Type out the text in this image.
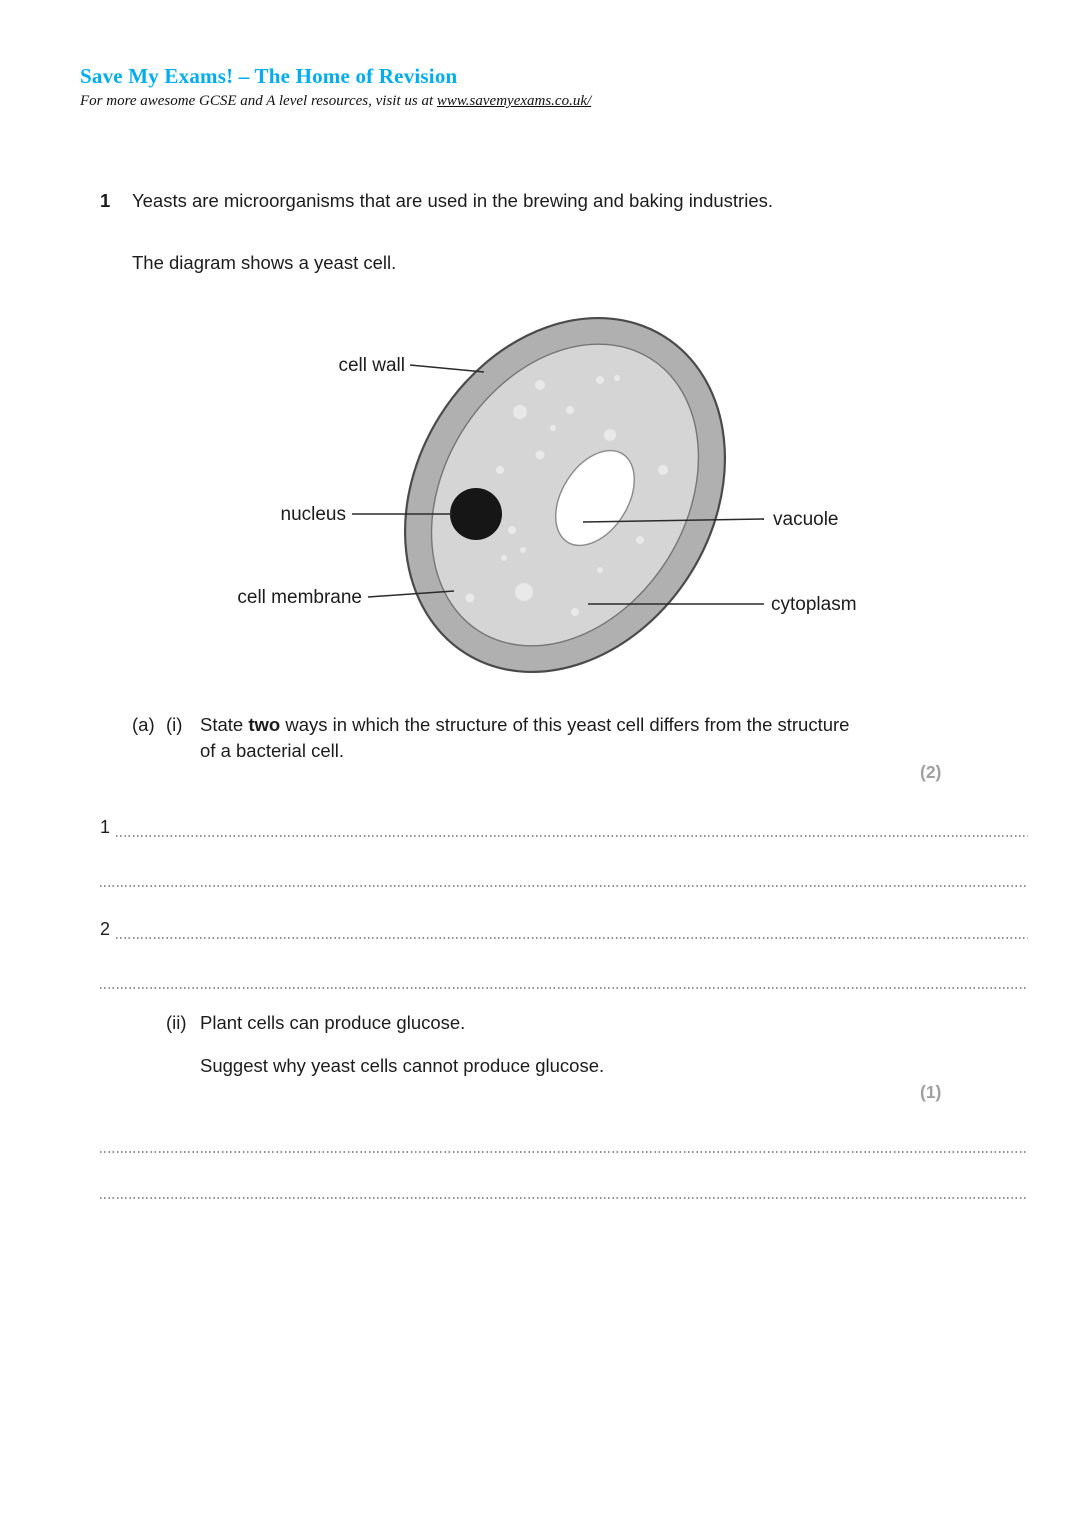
Save My Exams! – The Home of Revision
For more awesome GCSE and A level resources, visit us at www.savemyexams.co.uk/
1	Yeasts are microorganisms that are used in the brewing and baking industries.
The diagram shows a yeast cell.
cell wall
nucleus	vacuole
cell membrane	cytoplasm
(a) (i) State two ways in which the structure of this yeast cell differs from the structure of a bacterial cell.
(2)
1
2
(ii) Plant cells can produce glucose.
Suggest why yeast cells cannot produce glucose.
(1)
